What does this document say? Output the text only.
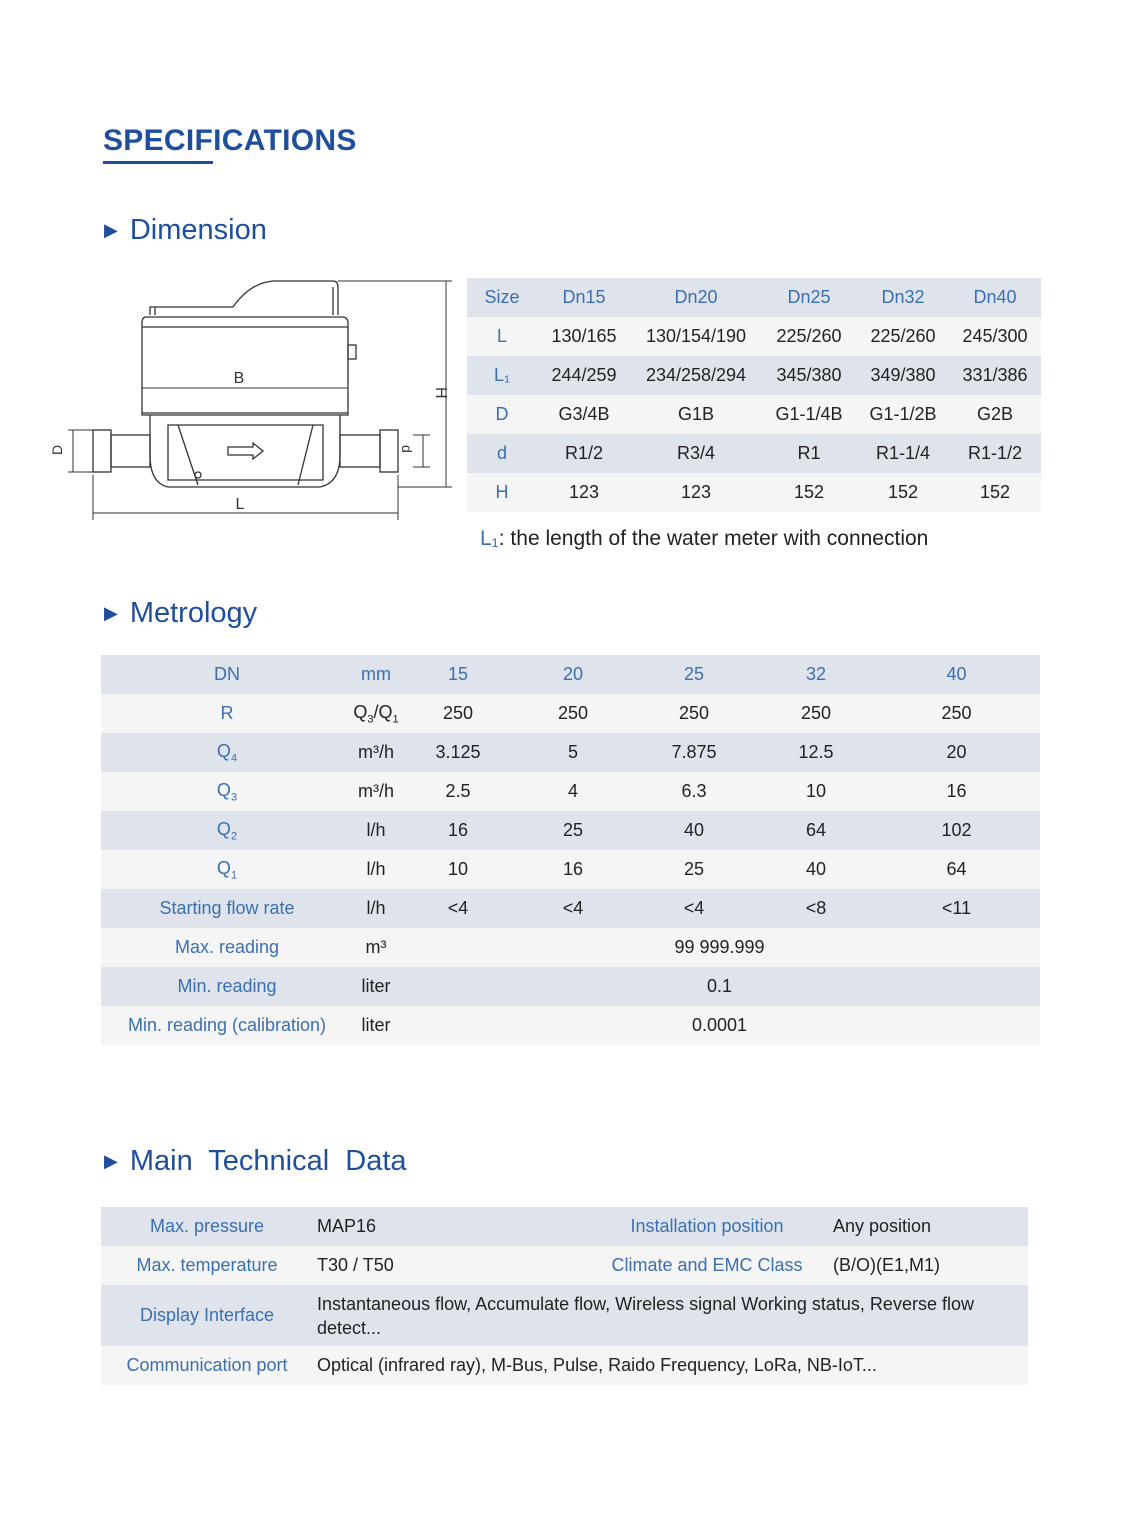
SPECIFICATIONS
▶ Dimension
B
L
H
D	d
Size	Dn15	Dn20	Dn25	Dn32	Dn40
L	130/165	130/154/190	225/260	225/260	245/300
L₁	244/259	234/258/294	345/380	349/380	331/386
D	G3/4B	G1B	G1-1/4B	G1-1/2B	G2B
d	R1/2	R3/4	R1	R1-1/4	R1-1/2
H	123	123	152	152	152
L₁: the length of the water meter with connection
▶ Metrology
DN	mm	15	20	25	32	40
R	$Q_3/Q_1$	250	250	250	250	250
$Q_4$	m³/h	3.125	5	7.875	12.5	20
$Q_3$	m³/h	2.5	4	6.3	10	16
$Q_2$	l/h	16	25	40	64	102
$Q_1$	l/h	10	16	25	40	64
Starting flow rate	l/h	<4	<4	<4	<8	<11
Max. reading	m³	99 999.999				
Min. reading	liter	0.1				
Min. reading (calibration)	liter	0.0001				
▶ Main  Technical  Data
Max. pressure	MAP16	Installation position	Any position
Max. temperature	T30 / T50	Climate and EMC Class	(B/O)(E1,M1)
Display Interface	Instantaneous flow, Accumulate flow, Wireless signal Working status, Reverse flow detect...		
Communication port	Optical (infrared ray), M-Bus, Pulse, Raido Frequency, LoRa, NB-IoT...		
